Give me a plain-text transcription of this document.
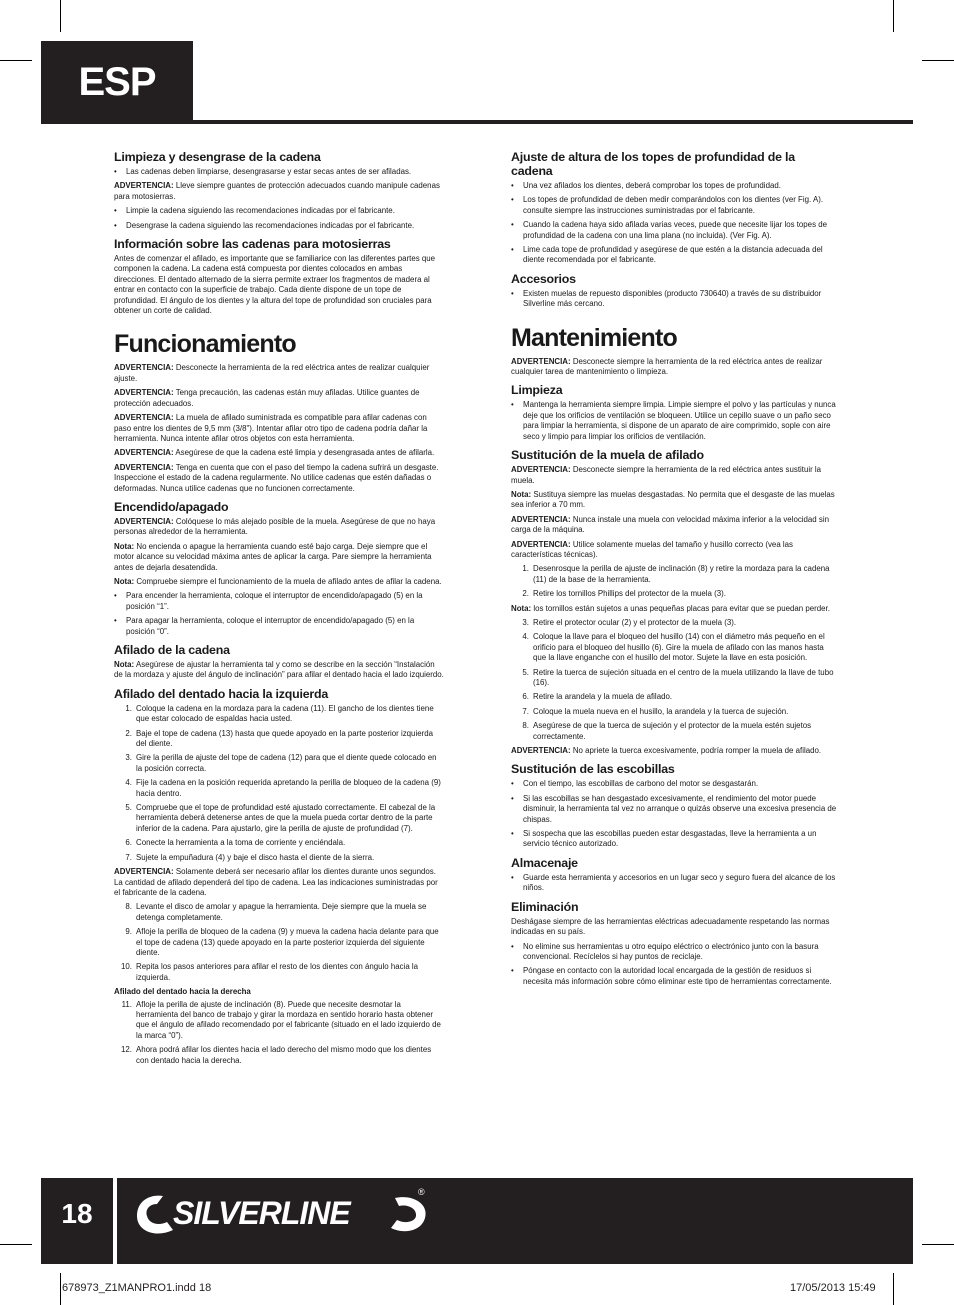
ESP
Limpieza y desengrase de la cadena
• Las cadenas deben limpiarse, desengrasarse y estar secas antes de ser afiladas.

ADVERTENCIA: Lleve siempre guantes de protección adecuados cuando manipule cadenas para motosierras.

• Limpie la cadena siguiendo las recomendaciones indicadas por el fabricante.
• Desengrase la cadena siguiendo las recomendaciones indicadas por el fabricante.
Información sobre las cadenas para motosierras

Antes de comenzar el afilado, es importante que se familiarice con las diferentes partes que componen la cadena. La cadena está compuesta por dientes colocados en ambas direcciones. El dentado alternado de la sierra permite extraer los fragmentos de madera al entrar en contacto con la superficie de trabajo. Cada diente dispone de un tope de profundidad. El ángulo de los dientes y la altura del tope de profundidad son cruciales para obtener un corte de calidad.

Funcionamiento

ADVERTENCIA: Desconecte la herramienta de la red eléctrica antes de realizar cualquier ajuste.

ADVERTENCIA: Tenga precaución, las cadenas están muy afiladas. Utilice guantes de protección adecuados.

ADVERTENCIA: La muela de afilado suministrada es compatible para afilar cadenas con paso entre los dientes de 9,5 mm (3/8"). Intentar afilar otro tipo de cadena podría dañar la herramienta. Nunca intente afilar otros objetos con esta herramienta.

ADVERTENCIA: Asegúrese de que la cadena esté limpia y desengrasada antes de afilarla.

ADVERTENCIA: Tenga en cuenta que con el paso del tiempo la cadena sufrirá un desgaste. Inspeccione el estado de la cadena regularmente. No utilice cadenas que estén dañadas o deformadas. Nunca utilice cadenas que no funcionen correctamente.

Encendido/apagado

ADVERTENCIA: Colóquese lo más alejado posible de la muela. Asegúrese de que no haya personas alrededor de la herramienta.

Nota: No encienda o apague la herramienta cuando esté bajo carga. Deje siempre que el motor alcance su velocidad máxima antes de aplicar la carga. Pare siempre la herramienta antes de dejarla desatendida.

Nota: Compruebe siempre el funcionamiento de la muela de afilado antes de afilar la cadena.

• Para encender la herramienta, coloque el interruptor de encendido/apagado (5) en la posición “1”.
• Para apagar la herramienta, coloque el interruptor de encendido/apagado (5) en la posición “0”.
Afilado de la cadena

Nota: Asegúrese de ajustar la herramienta tal y como se describe en la sección “Instalación de la mordaza y ajuste del ángulo de inclinación” para afilar el dentado hacia el lado izquierdo.

Afilado del dentado hacia la izquierda
1. Coloque la cadena en la mordaza para la cadena (11). El gancho de los dientes tiene que estar colocado de espaldas hacia usted.
2. Baje el tope de cadena (13) hasta que quede apoyado en la parte posterior izquierda del diente.
3. Gire la perilla de ajuste del tope de cadena (12) para que el diente quede colocado en la posición correcta.
4. Fije la cadena en la posición requerida apretando la perilla de bloqueo de la cadena (9) hacia dentro.
5. Compruebe que el tope de profundidad esté ajustado correctamente. El cabezal de la herramienta deberá detenerse antes de que la muela pueda cortar dentro de la parte inferior de la cadena. Para ajustarlo, gire la perilla de ajuste de profundidad (7).
6. Conecte la herramienta a la toma de corriente y enciéndala.
7. Sujete la empuñadura (4) y baje el disco hasta el diente de la sierra.

ADVERTENCIA: Solamente deberá ser necesario afilar los dientes durante unos segundos. La cantidad de afilado dependerá del tipo de cadena. Lea las indicaciones suministradas por el fabricante de la cadena.

8. Levante el disco de amolar y apague la herramienta. Deje siempre que la muela se detenga completamente.
9. Afloje la perilla de bloqueo de la cadena (9) y mueva la cadena hacia delante para que el tope de cadena (13) quede apoyado en la parte posterior izquierda del siguiente diente.
10. Repita los pasos anteriores para afilar el resto de los dientes con ángulo hacia la izquierda.
Afilado del dentado hacia la derecha
11. Afloje la perilla de ajuste de inclinación (8). Puede que necesite desmotar la herramienta del banco de trabajo y girar la mordaza en sentido horario hasta obtener que el ángulo de afilado recomendado por el fabricante (situado en el lado izquierdo de la marca “0”).
12. Ahora podrá afilar los dientes hacia el lado derecho del mismo modo que los dientes con dentado hacia la derecha.
Ajuste de altura de los topes de profundidad de la cadena
• Una vez afilados los dientes, deberá comprobar los topes de profundidad.
• Los topes de profundidad de deben medir comparándolos con los dientes (ver Fig. A). consulte siempre las instrucciones suministradas por el fabricante.
• Cuando la cadena haya sido afilada varias veces, puede que necesite lijar los topes de profundidad de la cadena con una lima plana (no incluida). (Ver Fig. A).
• Lime cada tope de profundidad y asegúrese de que estén a la distancia adecuada del diente recomendada por el fabricante.
Accesorios
• Existen muelas de repuesto disponibles (producto 730640) a través de su distribuidor Silverline más cercano.
Mantenimiento

ADVERTENCIA: Desconecte siempre la herramienta de la red eléctrica antes de realizar cualquier tarea de mantenimiento o limpieza.

Limpieza
• Mantenga la herramienta siempre limpia. Limpie siempre el polvo y las partículas y nunca deje que los orificios de ventilación se bloqueen. Utilice un cepillo suave o un paño seco para limpiar la herramienta, si dispone de un aparato de aire comprimido, sople con aire seco y limpio para limpiar los orificios de ventilación.
Sustitución de la muela de afilado

ADVERTENCIA: Desconecte siempre la herramienta de la red eléctrica antes sustituir la muela.

Nota: Sustituya siempre las muelas desgastadas. No permita que el desgaste de las muelas sea inferior a 70 mm.

ADVERTENCIA: Nunca instale una muela con velocidad máxima inferior a la velocidad sin carga de la máquina.

ADVERTENCIA: Utilice solamente muelas del tamaño y husillo correcto (vea las características técnicas).

1. Desenrosque la perilla de ajuste de inclinación (8) y retire la mordaza para la cadena (11) de la base de la herramienta.
2. Retire los tornillos Phillips del protector de la muela (3).

Nota: los tornillos están sujetos a unas pequeñas placas para evitar que se puedan perder.

3. Retire el protector ocular (2) y el protector de la muela (3).
4. Coloque la llave para el bloqueo del husillo (14) con el diámetro más pequeño en el orificio para el bloqueo del husillo (6). Gire la muela de afilado con las manos hasta que la llave enganche con el husillo del motor. Sujete la llave en esta posición.
5. Retire la tuerca de sujeción situada en el centro de la muela utilizando la llave de tubo (16).
6. Retire la arandela y la muela de afilado.
7. Coloque la muela nueva en el husillo, la arandela y la tuerca de sujeción.
8. Asegúrese de que la tuerca de sujeción y el protector de la muela estén sujetos correctamente.

ADVERTENCIA: No apriete la tuerca excesivamente, podría romper la muela de afilado.

Sustitución de las escobillas
• Con el tiempo, las escobillas de carbono del motor se desgastarán.
• Si las escobillas se han desgastado excesivamente, el rendimiento del motor puede disminuir, la herramienta tal vez no arranque o quizás observe una excesiva presencia de chispas.
• Si sospecha que las escobillas pueden estar desgastadas, lleve la herramienta a un servicio técnico autorizado.
Almacenaje
• Guarde esta herramienta y accesorios en un lugar seco y seguro fuera del alcance de los niños.
Eliminación

Deshágase siempre de las herramientas eléctricas adecuadamente respetando las normas indicadas en su país.

• No elimine sus herramientas u otro equipo eléctrico o electrónico junto con la basura convencional. Recíclelos si hay puntos de reciclaje.
• Póngase en contacto con la autoridad local encargada de la gestión de residuos si necesita más información sobre cómo eliminar este tipo de herramientas correctamente.
18	SILVERLINE
®
678973_Z1MANPRO1.indd 18	17/05/2013 15:49
